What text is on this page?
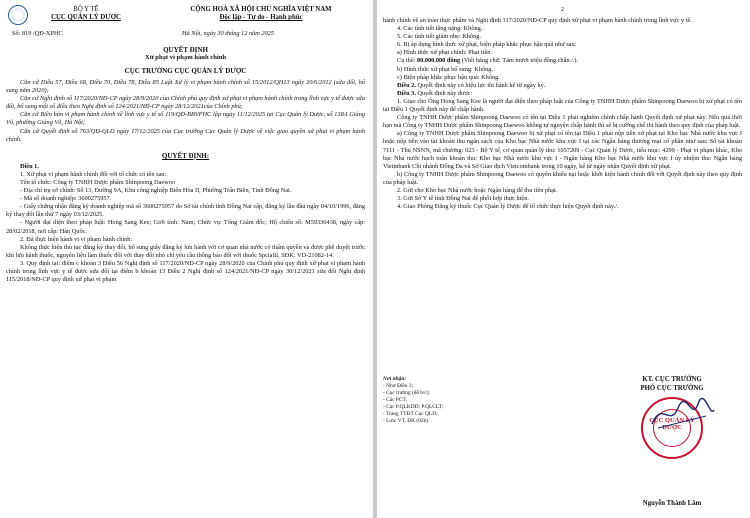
BỘ Y TẾ
CỤC QUẢN LÝ DƯỢC
CỘNG HOÀ XÃ HỘI CHỦ NGHĨA VIỆT NAM
Độc lập - Tự do - Hạnh phúc
Số: 819 /QĐ-XPHC	Hà Nội, ngày 30 tháng 12 năm 2025
QUYẾT ĐỊNH
Xử phạt vi phạm hành chính
CỤC TRƯỞNG CỤC QUẢN LÝ DƯỢC

Căn cứ Điều 57, Điều 68, Điều 70, Điều 78, Điều 85 Luật Xử lý vi phạm hành chính số 15/2012/QH13 ngày 20/6/2012 (sửa đổi, bổ sung năm 2020);

Căn cứ Nghị định số 117/2020/NĐ-CP ngày 28/9/2020 của Chính phủ quy định xử phạt vi phạm hành chính trong lĩnh vực y tế được sửa đổi, bổ sung một số điều theo Nghị định số 124/2021/NĐ-CP ngày 28/12/2021của Chính phủ;

Căn cứ Biên bản vi phạm hành chính về lĩnh vực y tế số 119/QĐ-BBVPHC lập ngày 11/12/2025 tại Cục Quản lý Dược, số 138A Giảng Võ, phường Giảng Võ, Hà Nội;

Căn cứ Quyết định số 763/QĐ-QLD ngày 17/12/2025 của Cục trưởng Cục Quản lý Dược về việc giao quyền xử phạt vi phạm hành chính.

QUYẾT ĐỊNH:

Điều 1.

1. Xử phạt vi phạm hành chính đối với tổ chức có tên sau:

Tên tổ chức: Công ty TNHH Dược phẩm Shinpoong Daewoo

- Địa chỉ trụ sở chính: Số 13, Đường 9A, Khu công nghiệp Biên Hòa II, Phường Trấn Biên, Tỉnh Đồng Nai.

- Mã số doanh nghiệp: 3600275957.

- Giấy chứng nhận đăng ký doanh nghiệp mã số 3600275957 do Sở tài chính tỉnh Đồng Nai cấp, đăng ký lần đầu ngày 04/10/1996, đăng ký thay đổi lần thứ 7 ngày 03/12/2025.

- Người đại diện theo pháp luật: Hong Sang Kee; Giới tính: Nam; Chức vụ: Tổng Giám đốc; Hộ chiếu số: M59336438, ngày cấp: 28/02/2018, nơi cấp: Hàn Quốc.

2. Đã thực hiện hành vi vi phạm hành chính:

Không thực hiện thủ tục đăng ký thay đổi, bổ sung giấy đăng ký lưu hành với cơ quan nhà nước có thẩm quyền và được phê duyệt trước khi lưu hành thuốc, nguyên liệu làm thuốc đối với thay đổi nhỏ chỉ yêu cầu thông báo đối với thuốc Spciafil, SĐK: VD-21082-14.

3. Quy định tại: điểm c khoản 3 Điều 56 Nghị định số 117/2020/NĐ-CP ngày 28/9/2020 của Chính phủ quy định xử phạt vi phạm hành chính trong lĩnh vực y tế được sửa đổi tại điểm b khoản 13 Điều 2 Nghị định số 124/2021/NĐ-CP ngày 30/12/2021 sửa đổi Nghị định 115/2018/NĐ-CP quy định xử phạt vi phạm

2

hành chính về an toàn thực phẩm và Nghị định 117/2020/NĐ-CP quy định xử phạt vi phạm hành chính trong lĩnh vực y tế.

4. Các tình tiết tăng nặng: Không.

5. Các tình tiết giảm nhẹ: Không.

6. Bị áp dụng hình thức xử phạt, biện pháp khắc phục hậu quả như sau:

a) Hình thức xử phạt chính: Phạt tiền.

Cụ thể: 80.000.000 đồng (Viết bằng chữ: Tám mươi triệu đồng chẵn./.).

b) Hình thức xử phạt bổ sung: Không.

c) Biện pháp khắc phục hậu quả: Không.

Điều 2. Quyết định này có hiệu lực thi hành kể từ ngày ký.

Điều 3. Quyết định này được:

1. Giao cho Ông Hong Sang Kee là người đại diện theo pháp luật của Công ty TNHH Dược phẩm Shinpoong Daewoo bị xử phạt có tên tại Điều 1 Quyết định này để chấp hành.

Công ty TNHH Dược phẩm Shinpoong Daewoo có tên tại Điều 1 phải nghiêm chỉnh chấp hành Quyết định xử phạt này. Nếu quá thời hạn mà Công ty TNHH Dược phẩm Shinpoong Daewoo không tự nguyện chấp hành thì sẽ bị cưỡng chế thi hành theo quy định của pháp luật.

a) Công ty TNHH Dược phẩm Shinpoong Daewoo bị xử phạt có tên tại Điều 1 phải nộp tiền xử phạt tại Kho bạc Nhà nước khu vực I hoặc nộp tiền vào tài khoản thu ngân sách của Kho bạc Nhà nước khu vực I tại các Ngân hàng thương mại cổ phần như sau: Số tài khoản 7111 - Thu NSNN, mã chương: 023 - Bộ Y tế, cơ quan quản lý thu: 1057209 - Cục Quản lý Dược, tiểu mục: 4299 - Phạt vi phạm khác, Kho bạc Nhà nước hạch toán khoản thu: Kho bạc Nhà nước khu vực I - Ngân hàng Kho bạc Nhà nước khu vực I ủy nhiệm thu: Ngân hàng Vietinbank Chi nhánh Đống Đa và Sở Giao dịch Vietcombank trong 10 ngày, kể từ ngày nhận Quyết định xử phạt.

b) Công ty TNHH Dược phẩm Shinpoong Daewoo có quyền khiếu nại hoặc khởi kiện hành chính đối với Quyết định này theo quy định của pháp luật.

2. Gửi cho Kho bạc Nhà nước hoặc Ngân hàng để thu tiền phạt.

3. Gửi Sở Y tế tỉnh Đồng Nai để phối hợp thực hiện.

4. Giao Phòng Đăng ký thuốc Cục Quản lý Dược để tổ chức thực hiện Quyết định này./.

Nơi nhận:
- Như Điều 3;
- Cục trưởng (để b/c);
- Các PCT;
- Các P.QLKDD; P.QLCLT;
- Trang TTĐT Cục QLD;
- Lưu: VT, ĐK (02b).
KT. CỤC TRƯỞNG
PHÓ CỤC TRƯỞNG
CỤC QUẢN LÝ DƯỢC
Nguyễn Thành Lâm
